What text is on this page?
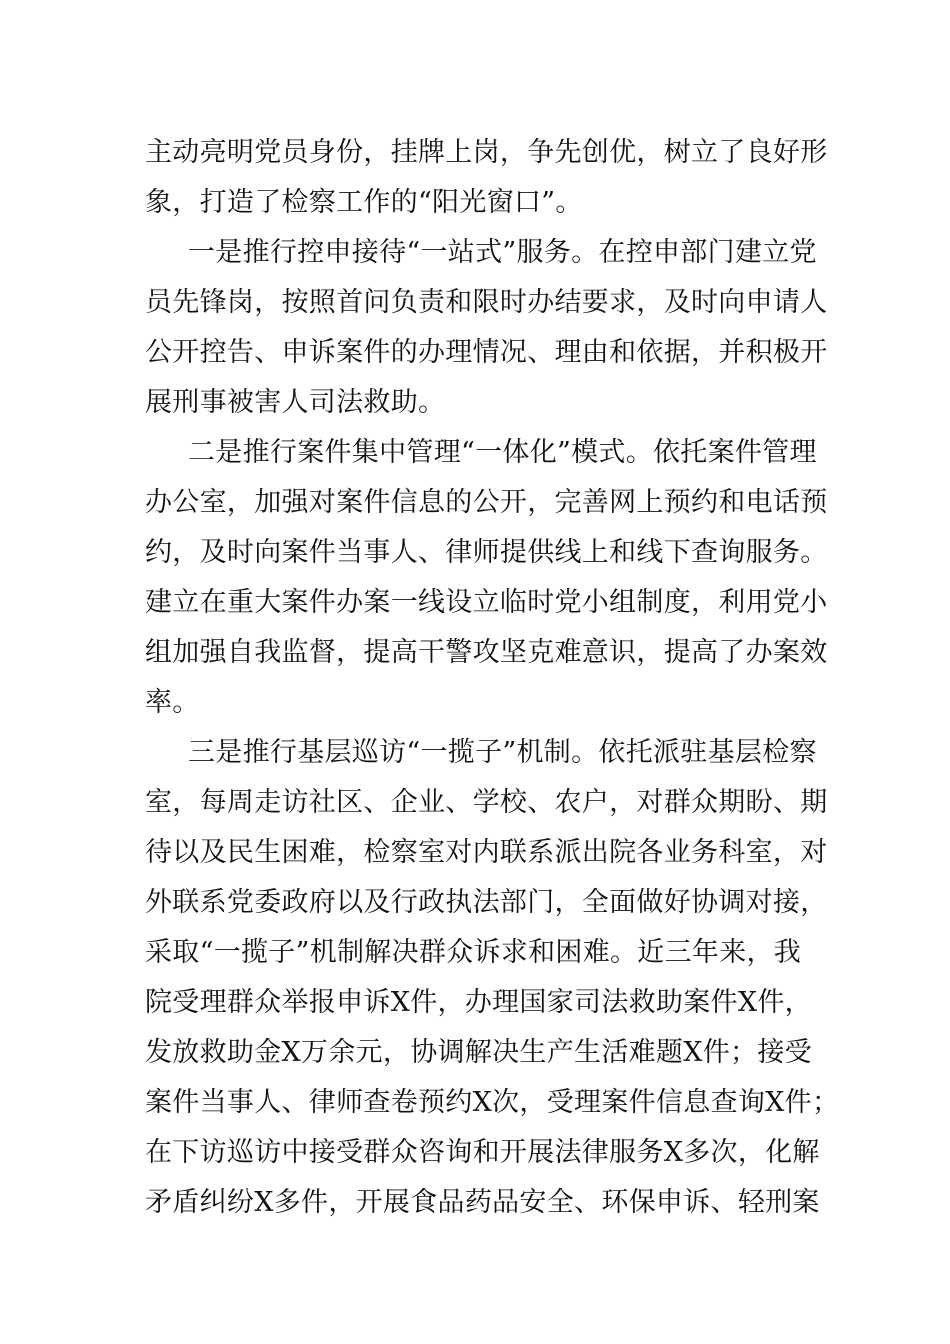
主动亮明党员身份，挂牌上岗，争先创优，树立了良好形
象，打造了检察工作的“阳光窗口”。
一是推行控申接待“一站式”服务。在控申部门建立党
员先锋岗，按照首问负责和限时办结要求，及时向申请人
公开控告、申诉案件的办理情况、理由和依据，并积极开
展刑事被害人司法救助。
二是推行案件集中管理“一体化”模式。依托案件管理
办公室，加强对案件信息的公开，完善网上预约和电话预
约，及时向案件当事人、律师提供线上和线下查询服务。
建立在重大案件办案一线设立临时党小组制度，利用党小
组加强自我监督，提高干警攻坚克难意识，提高了办案效
率。
三是推行基层巡访“一揽子”机制。依托派驻基层检察
室，每周走访社区、企业、学校、农户，对群众期盼、期
待以及民生困难，检察室对内联系派出院各业务科室，对
外联系党委政府以及行政执法部门，全面做好协调对接，
采取“一揽子”机制解决群众诉求和困难。近三年来，我
院受理群众举报申诉X件，办理国家司法救助案件X件，
发放救助金X万余元，协调解决生产生活难题X件；接受
案件当事人、律师查卷预约X次，受理案件信息查询X件；
在下访巡访中接受群众咨询和开展法律服务X多次，化解
矛盾纠纷X多件，开展食品药品安全、环保申诉、轻刑案
